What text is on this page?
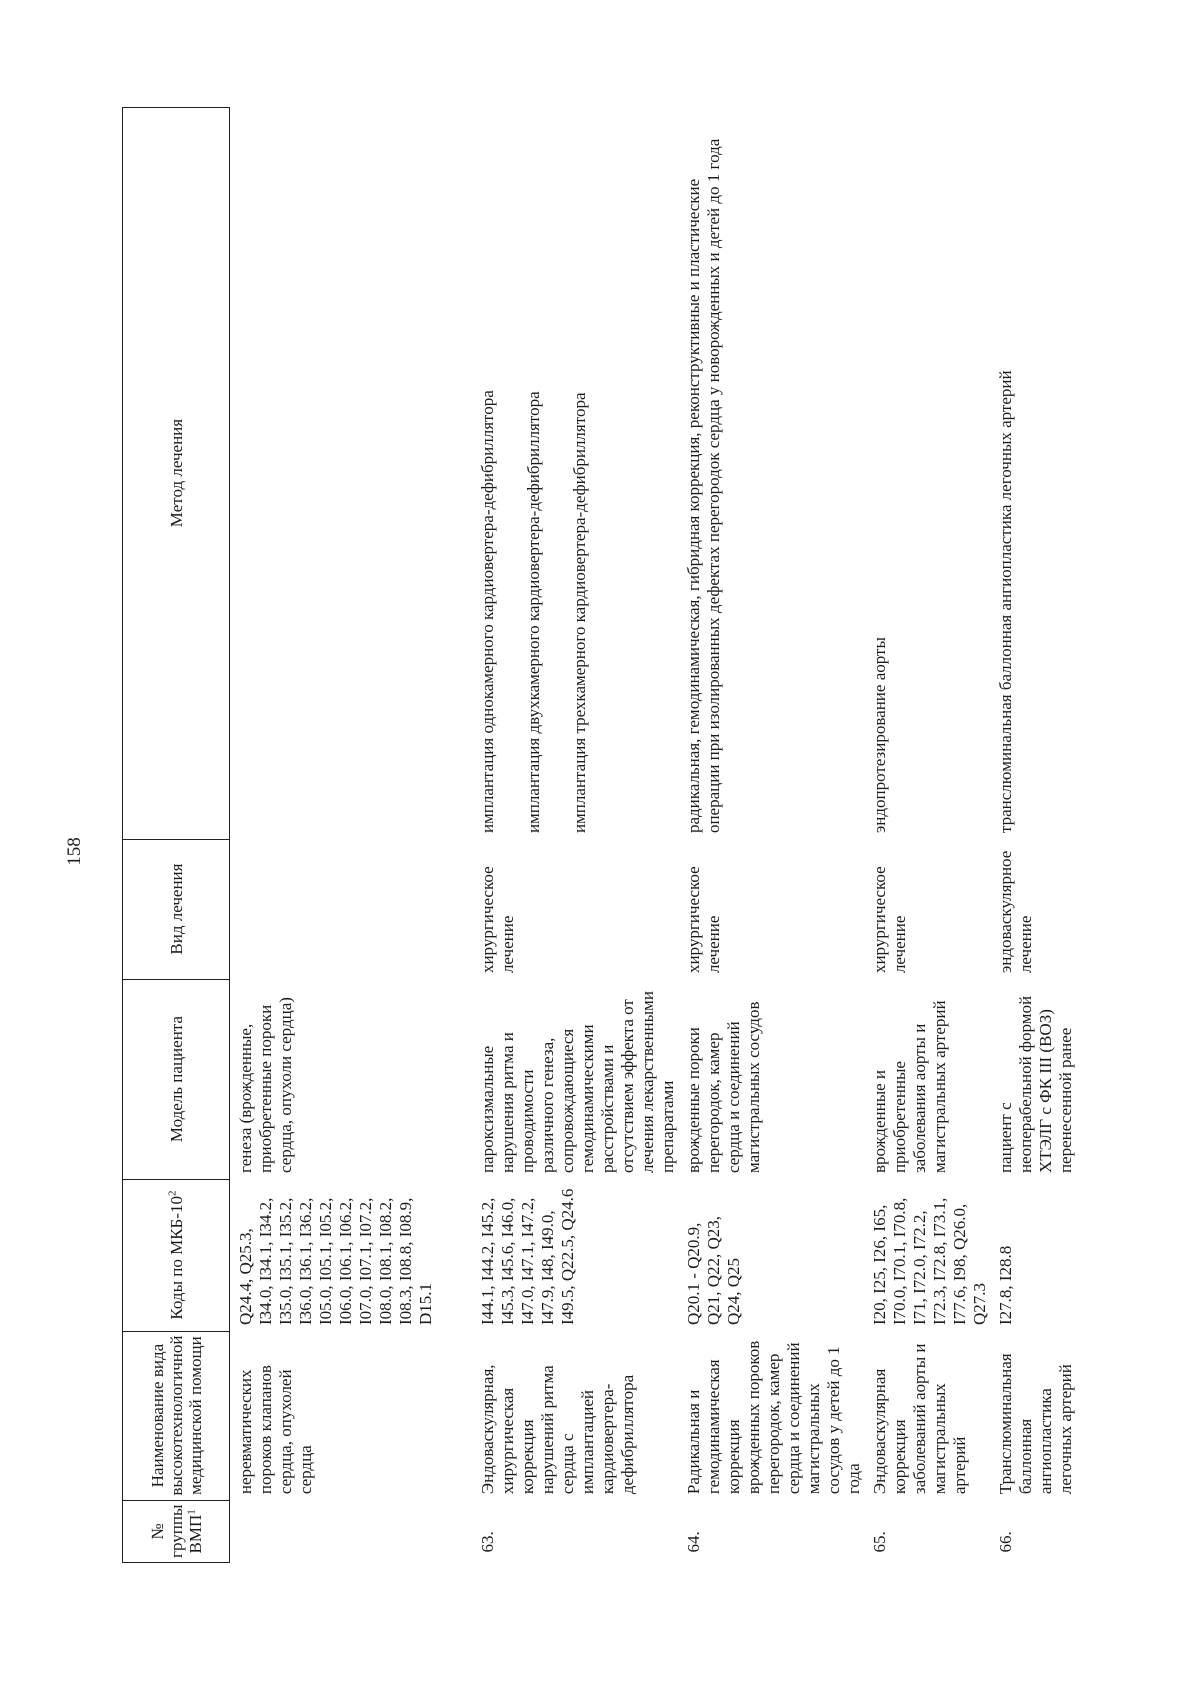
158
№ группы ВМП$^1$	Наименование вида высокотехнологичной медицинской помощи	Коды по МКБ-$10^2$	Модель пациента	Вид лечения	Метод лечения
	неревматических пороков клапанов сердца, опухолей сердца	Q24.4, Q25.3, I34.0, I34.1, I34.2, I35.0, I35.1, I35.2, I36.0, I36.1, I36.2, I05.0, I05.1, I05.2, I06.0, I06.1, I06.2, I07.0, I07.1, I07.2, I08.0, I08.1, I08.2, I08.3, I08.8, I08.9, D15.1	генеза (врожденные, приобретенные пороки сердца, опухоли сердца)		
63.	Эндоваскулярная, хирургическая коррекция нарушений ритма сердца с имплантацией кардиовертера-дефибриллятора	I44.1, I44.2, I45.2, I45.3, I45.6, I46.0, I47.0, I47.1, I47.2, I47.9, I48, I49.0, I49.5, Q22.5, Q24.6	пароксизмальные нарушения ритма и проводимости различного генеза, сопровождающиеся гемодинамическими расстройствами и отсутствием эффекта от лечения лекарственными препаратами	хирургическое лечение	имплантация однокамерного кардиовертера-дефибриллятора имплантация двухкамерного кардиовертера-дефибриллятора имплантация трехкамерного кардиовертера-дефибриллятора

64.	Радикальная и гемодинамическая коррекция врожденных пороков перегородок, камер сердца и соединений магистральных сосудов у детей до 1 года	Q20.1 - Q20.9, Q21, Q22, Q23, Q24, Q25	врожденные пороки перегородок, камер сердца и соединений магистральных сосудов	хирургическое лечение	радикальная, гемодинамическая, гибридная коррекция, реконструктивные и пластические операции при изолированных дефектах перегородок сердца у новорожденных и детей до 1 года
65.	Эндоваскулярная коррекция заболеваний аорты и магистральных артерий	I20, I25, I26, I65, I70.0, I70.1, I70.8, I71, I72.0, I72.2, I72.3, I72.8, I73.1, I77.6, I98, Q26.0, Q27.3	врожденные и приобретенные заболевания аорты и магистральных артерий	хирургическое лечение	эндопротезирование аорты
66.	Транслюминальная баллонная ангиопластика легочных артерий	I27.8, I28.8	пациент с неоперабельной формой ХТЭЛГ с ФК III (ВОЗ) перенесенной ранее	эндоваскулярное лечение	транслюминальная баллонная ангиопластика легочных артерий
